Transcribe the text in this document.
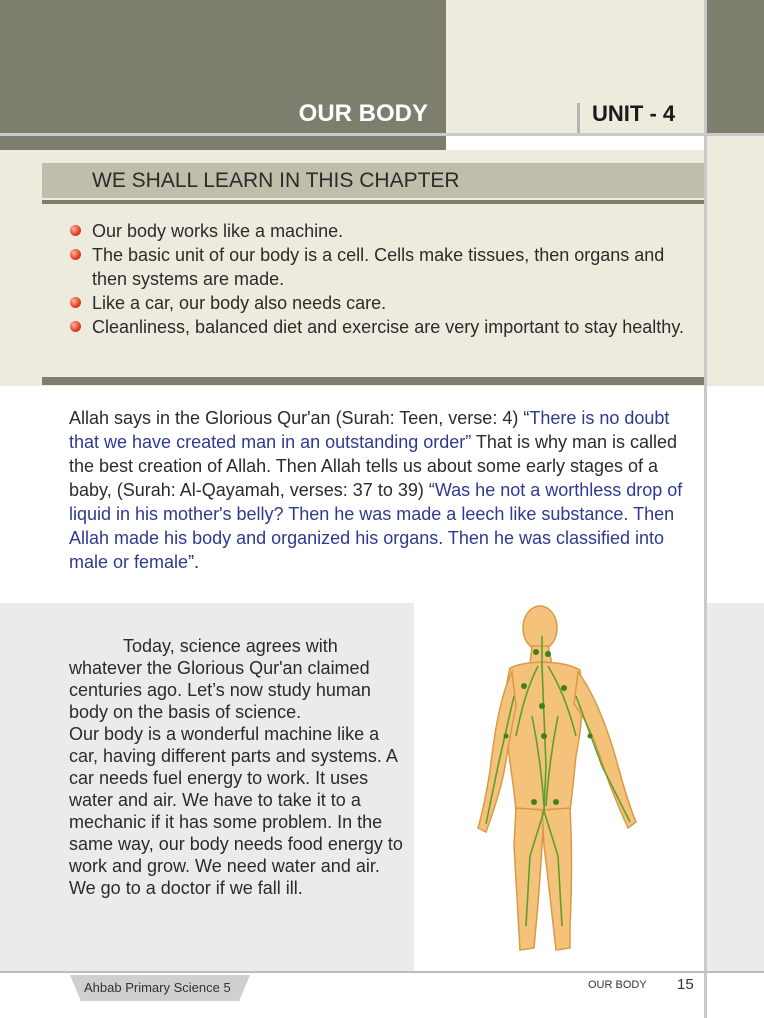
OUR BODY	UNIT - 4
WE SHALL LEARN IN THIS CHAPTER
Our body works like a machine.
The basic unit of our body is a cell. Cells make tissues, then organs and then systems are made.
Like a car, our body also needs care.
Cleanliness, balanced diet and exercise are very important to stay healthy.
Allah says in the Glorious Qur'an (Surah: Teen, verse: 4) “There is no doubt that we have created man in an outstanding order” That is why man is called the best creation of Allah. Then Allah tells us about some early stages of a baby, (Surah: Al-Qayamah, verses: 37 to 39) “Was he not a worthless drop of liquid in his mother's belly? Then he was made a leech like substance. Then Allah made his body and organized his organs. Then he was classified into male or female”.
Today, science agrees with whatever the Glorious Qur'an claimed centuries ago. Let’s now study human body on the basis of science.
Our body is a wonderful machine like a car, having different parts and systems. A car needs fuel energy to work. It uses water and air. We have to take it to a mechanic if it has some problem. In the same way, our body needs food energy to work and grow. We need water and air. We go to a doctor if we fall ill.
Ahbab Primary Science 5	OUR BODY 15
